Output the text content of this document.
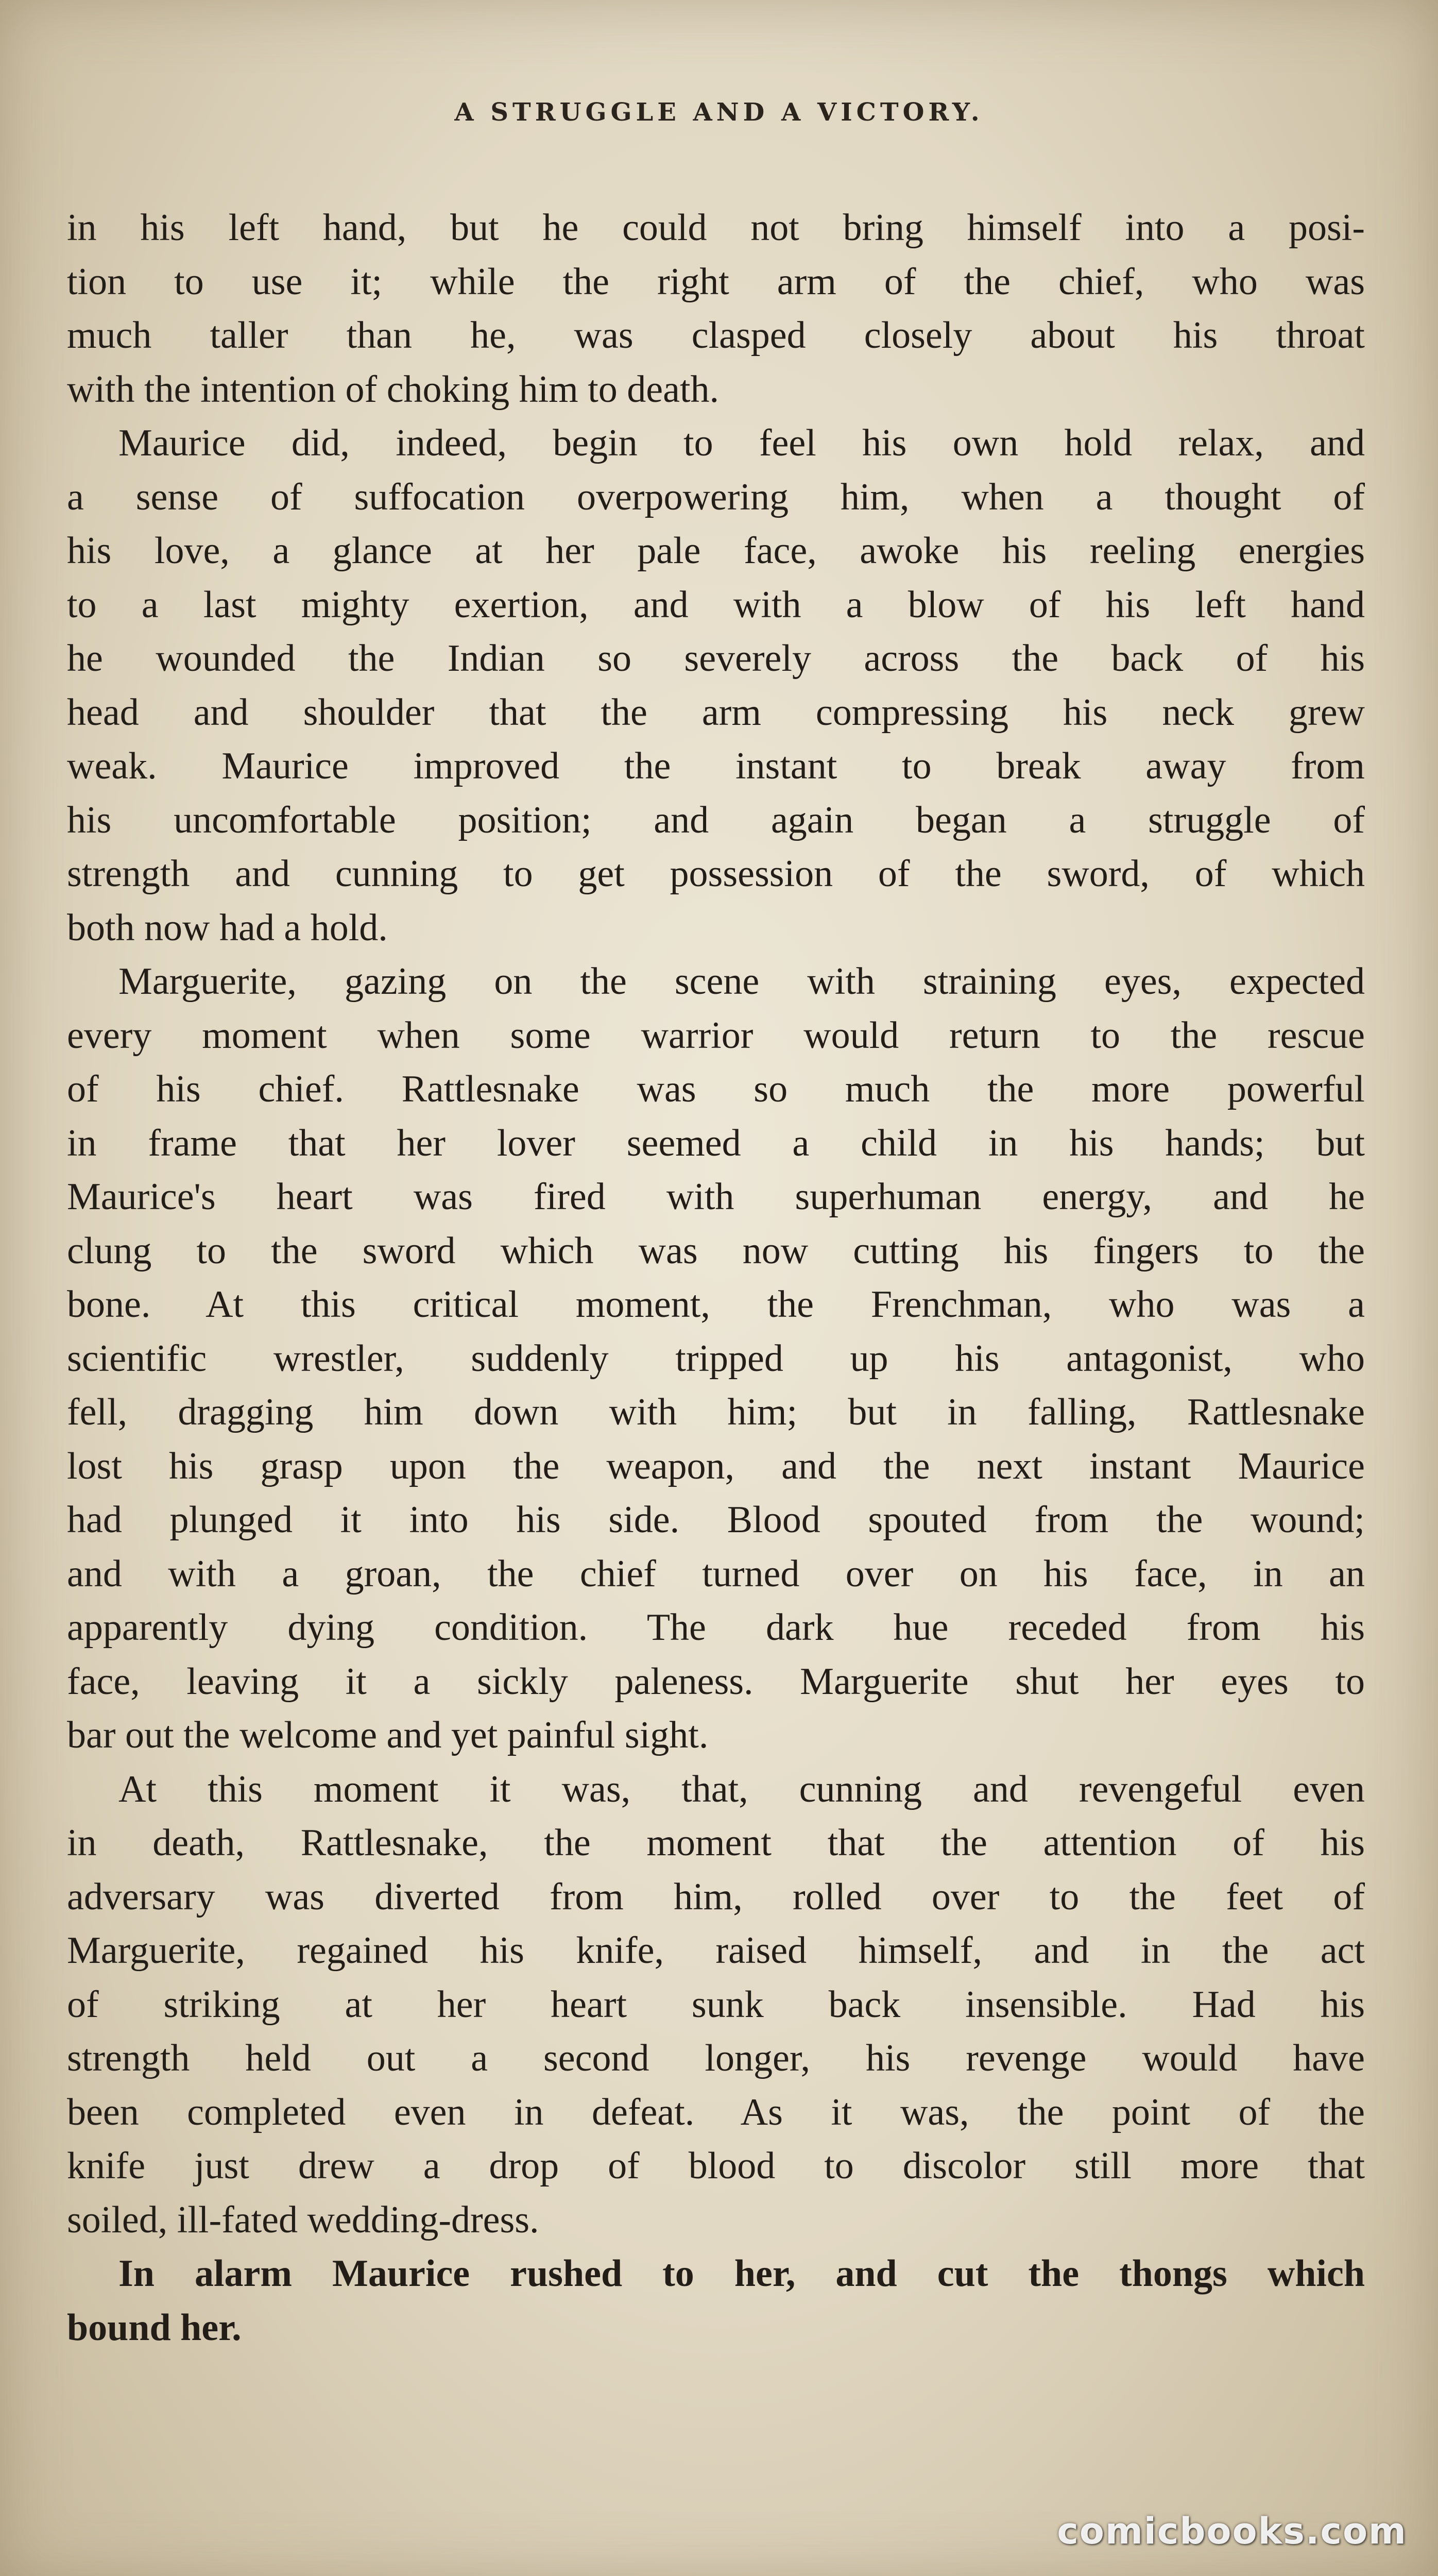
A STRUGGLE AND A VICTORY.

in his left hand, but he could not bring himself into a posi-
tion to use it; while the right arm of the chief, who was
much taller than he, was clasped closely about his throat
with the intention of choking him to death.

Maurice did, indeed, begin to feel his own hold relax, and
a sense of suffocation overpowering him, when a thought of
his love, a glance at her pale face, awoke his reeling energies
to a last mighty exertion, and with a blow of his left hand
he wounded the Indian so severely across the back of his
head and shoulder that the arm compressing his neck grew
weak. Maurice improved the instant to break away from
his uncomfortable position; and again began a struggle of
strength and cunning to get possession of the sword, of which
both now had a hold.

Marguerite, gazing on the scene with straining eyes, expected
every moment when some warrior would return to the rescue
of his chief. Rattlesnake was so much the more powerful
in frame that her lover seemed a child in his hands; but
Maurice's heart was fired with superhuman energy, and he
clung to the sword which was now cutting his fingers to the
bone. At this critical moment, the Frenchman, who was a
scientific wrestler, suddenly tripped up his antagonist, who
fell, dragging him down with him; but in falling, Rattlesnake
lost his grasp upon the weapon, and the next instant Maurice
had plunged it into his side. Blood spouted from the wound;
and with a groan, the chief turned over on his face, in an
apparently dying condition. The dark hue receded from his
face, leaving it a sickly paleness. Marguerite shut her eyes to
bar out the welcome and yet painful sight.

At this moment it was, that, cunning and revengeful even
in death, Rattlesnake, the moment that the attention of his
adversary was diverted from him, rolled over to the feet of
Marguerite, regained his knife, raised himself, and in the act
of striking at her heart sunk back insensible. Had his
strength held out a second longer, his revenge would have
been completed even in defeat. As it was, the point of the
knife just drew a drop of blood to discolor still more that
soiled, ill-fated wedding-dress.

In alarm Maurice rushed to her, and cut the thongs which
bound her.

comicbooks.com
